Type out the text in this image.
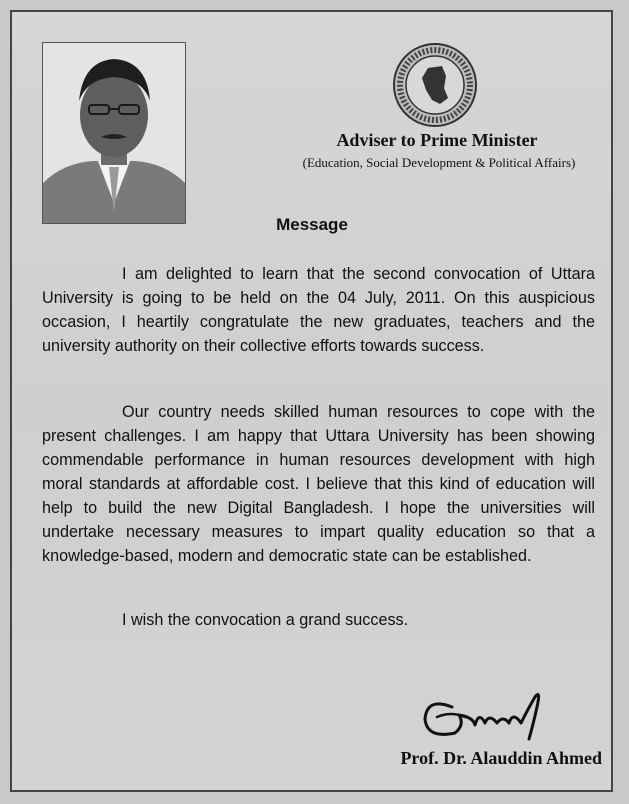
Adviser to Prime Minister
(Education, Social Development & Political Affairs)
Message
I am delighted to learn that the second convocation of Uttara University is going to be held on the 04 July, 2011. On this auspicious occasion, I heartily congratulate the new graduates, teachers and the university authority on their collective efforts towards success.
Our country needs skilled human resources to cope with the present challenges. I am happy that Uttara University has been showing commendable performance in human resources development with high moral standards at affordable cost. I believe that this kind of education will help to build the new Digital Bangladesh. I hope the universities will undertake necessary measures to impart quality education so that a knowledge-based, modern and democratic state can be established.
I wish the convocation a grand success.
Prof. Dr. Alauddin Ahmed
